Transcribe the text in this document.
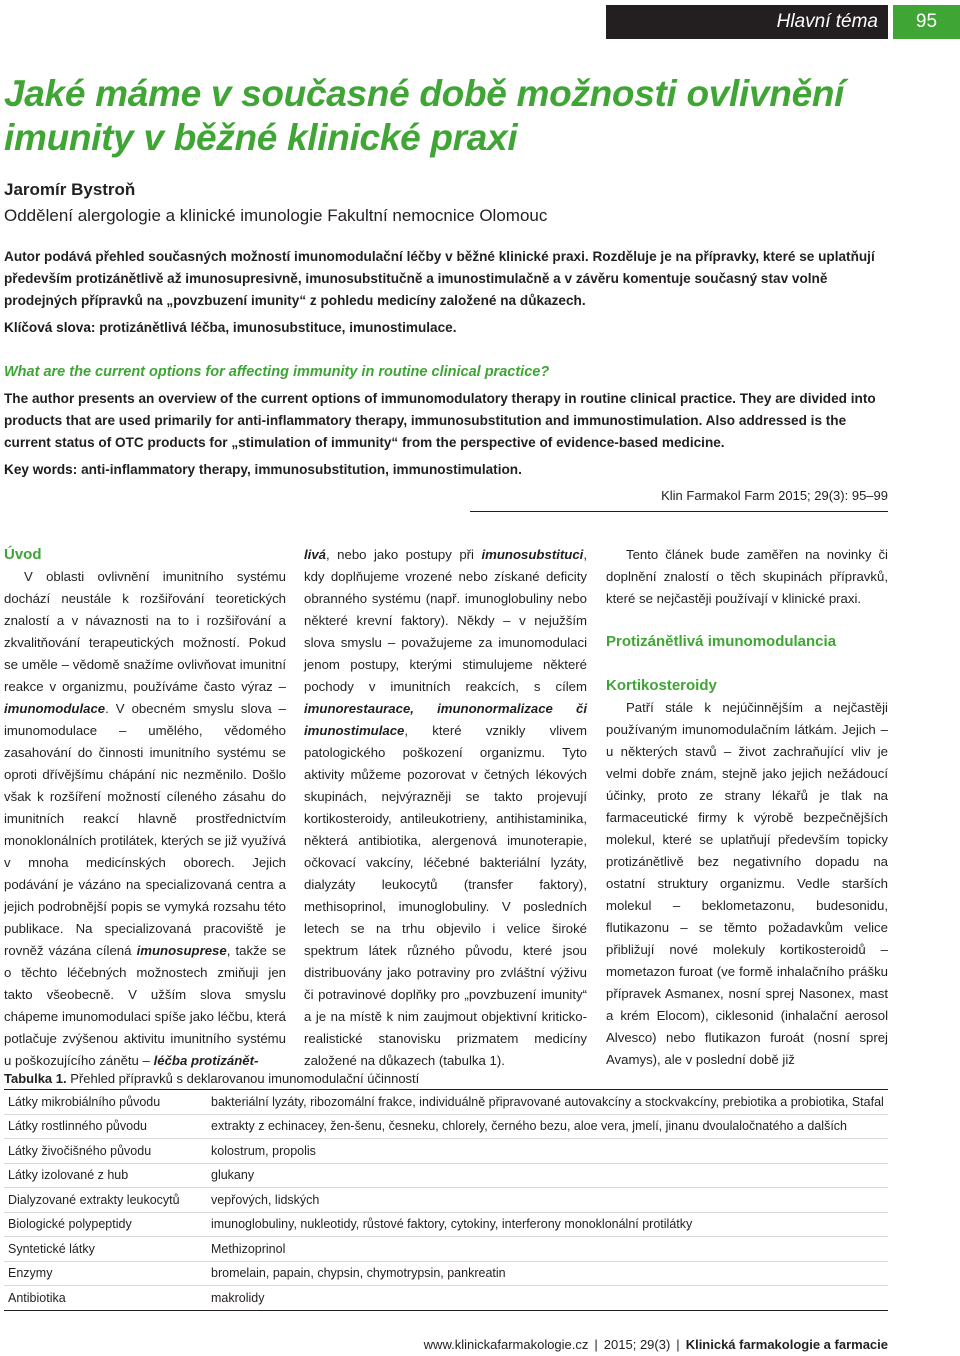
Hlavní téma	95
Jaké máme v současné době možnosti ovlivnění imunity v běžné klinické praxi
Jaromír Bystroň
Oddělení alergologie a klinické imunologie Fakultní nemocnice Olomouc
Autor podává přehled současných možností imunomodulační léčby v běžné klinické praxi. Rozděluje je na přípravky, které se uplatňují především protizánětlivě až imunosupresivně, imunosubstitučně a imunostimulačně a v závěru komentuje současný stav volně prodejných přípravků na „povzbuzení imunity“ z pohledu medicíny založené na důkazech.
Klíčová slova: protizánětlivá léčba, imunosubstituce, imunostimulace.
What are the current options for affecting immunity in routine clinical practice?
The author presents an overview of the current options of immunomodulatory therapy in routine clinical practice. They are divided into products that are used primarily for anti-inflammatory therapy, immunosubstitution and immunostimulation. Also addressed is the current status of OTC products for „stimulation of immunity“ from the perspective of evidence-based medicine.
Key words: anti-inflammatory therapy, immunosubstitution, immunostimulation.
Klin Farmakol Farm 2015; 29(3): 95–99
Úvod

V oblasti ovlivnění imunitního systému dochází neustále k rozšiřování teoretických znalostí a v návaznosti na to i rozšiřování a zkvalitňování terapeutických možností. Pokud se uměle – vědomě snažíme ovlivňovat imunitní reakce v organizmu, používáme často výraz – imunomodulace. V obecném smyslu slova – imunomodulace – umělého, vědomého zasahování do činnosti imunitního systému se oproti dřívějšímu chápání nic nezměnilo. Došlo však k rozšíření možností cíleného zásahu do imunitních reakcí hlavně prostřednictvím monoklonálních protilátek, kterých se již využívá v mnoha medicínských oborech. Jejich podávání je vázáno na specializovaná centra a jejich podrobnější popis se vymyká rozsahu této publikace. Na specializovaná pracoviště je rovněž vázána cílená imunosuprese, takže se o těchto léčebných možnostech zmiňuji jen takto všeobecně. V užším slova smyslu chápeme imunomodulaci spíše jako léčbu, která potlačuje zvýšenou aktivitu imunitního systému u poškozujícího zánětu – léčba protizánět-

livá, nebo jako postupy při imunosubstituci, kdy doplňujeme vrozené nebo získané deficity obranného systému (např. imunoglobuliny nebo některé krevní faktory). Někdy – v nejužším slova smyslu – považujeme za imunomodulaci jenom postupy, kterými stimulujeme některé pochody v imunitních reakcích, s cílem imunorestaurace, imunonormalizace či imunostimulace, které vznikly vlivem patologického poškození organizmu. Tyto aktivity můžeme pozorovat v četných lékových skupinách, nejvýrazněji se takto projevují kortikosteroidy, antileukotrieny, antihistaminika, některá antibiotika, alergenová imunoterapie, očkovací vakcíny, léčebné bakteriální lyzáty, dialyzáty leukocytů (transfer faktory), methisoprinol, imunoglobuliny. V posledních letech se na trhu objevilo i velice široké spektrum látek různého původu, které jsou distribuovány jako potraviny pro zvláštní výživu či potravinové doplňky pro „povzbuzení imunity“ a je na místě k nim zaujmout objektivní kriticko-realistické stanovisku prizmatem medicíny založené na důkazech (tabulka 1).

Tento článek bude zaměřen na novinky či doplnění znalostí o těch skupinách přípravků, které se nejčastěji používají v klinické praxi.

Protizánětlivá imunomodulancia
Kortikosteroidy

Patří stále k nejúčinnějším a nejčastěji používaným imunomodulačním látkám. Jejich – u některých stavů – život zachraňující vliv je velmi dobře znám, stejně jako jejich nežádoucí účinky, proto ze strany lékařů je tlak na farmaceutické firmy k výrobě bezpečnějších molekul, které se uplatňují především topicky protizánětlivě bez negativního dopadu na ostatní struktury organizmu. Vedle starších molekul – beklometazonu, budesonidu, flutikazonu – se těmto požadavkům velice přibližují nové molekuly kortikosteroidů – mometazon furoat (ve formě inhalačního prášku přípravek Asmanex, nosní sprej Nasonex, mast a krém Elocom), ciklesonid (inhalační aerosol Alvesco) nebo flutikazon furoát (nosní sprej Avamys), ale v poslední době již

Tabulka 1. Přehled přípravků s deklarovanou imunomodulační účinností
Látky mikrobiálního původu	bakteriální lyzáty, ribozomální frakce, individuálně připravované autovakcíny a stockvakcíny, prebiotika a probiotika, Stafal
Látky rostlinného původu	extrakty z echinacey, žen-šenu, česneku, chlorely, černého bezu, aloe vera, jmelí, jinanu dvoulaločnatého a dalších
Látky živočišného původu	kolostrum, propolis
Látky izolované z hub	glukany
Dialyzované extrakty leukocytů	vepřových, lidských
Biologické polypeptidy	imunoglobuliny, nukleotidy, růstové faktory, cytokiny, interferony monoklonální protilátky
Syntetické látky	Methizoprinol
Enzymy	bromelain, papain, chypsin, chymotrypsin, pankreatin
Antibiotika	makrolidy
www.klinickafarmakologie.cz | 2015; 29(3) | Klinická farmakologie a farmacie
